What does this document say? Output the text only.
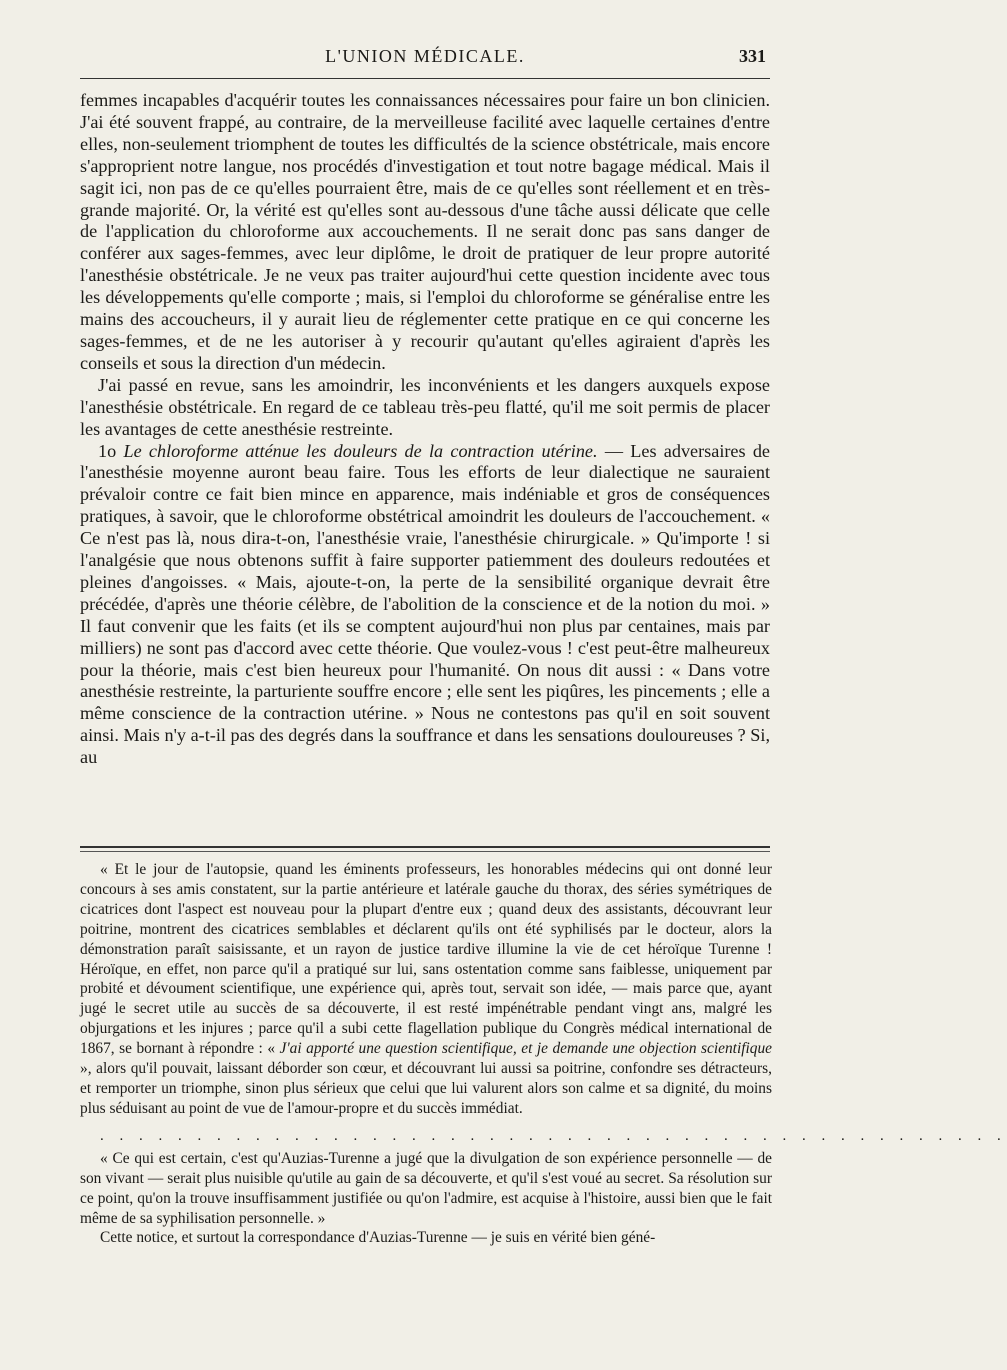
L'UNION MÉDICALE.	331

femmes incapables d'acquérir toutes les connaissances nécessaires pour faire un bon clinicien. J'ai été souvent frappé, au contraire, de la merveilleuse facilité avec laquelle certaines d'entre elles, non-seulement triomphent de toutes les difficultés de la science obstétricale, mais encore s'approprient notre langue, nos procédés d'investigation et tout notre bagage médical. Mais il sagit ici, non pas de ce qu'elles pourraient être, mais de ce qu'elles sont réellement et en très-grande majorité. Or, la vérité est qu'elles sont au-dessous d'une tâche aussi délicate que celle de l'application du chloroforme aux accouchements. Il ne serait donc pas sans danger de conférer aux sages-femmes, avec leur diplôme, le droit de pratiquer de leur propre autorité l'anesthésie obstétricale. Je ne veux pas traiter aujourd'hui cette question incidente avec tous les développements qu'elle comporte ; mais, si l'emploi du chloroforme se généralise entre les mains des accoucheurs, il y aurait lieu de réglementer cette pratique en ce qui concerne les sages-femmes, et de ne les autoriser à y recourir qu'autant qu'elles agiraient d'après les conseils et sous la direction d'un médecin.

J'ai passé en revue, sans les amoindrir, les inconvénients et les dangers auxquels expose l'anesthésie obstétricale. En regard de ce tableau très-peu flatté, qu'il me soit permis de placer les avantages de cette anesthésie restreinte.

1o Le chloroforme atténue les douleurs de la contraction utérine. — Les adversaires de l'anesthésie moyenne auront beau faire. Tous les efforts de leur dialectique ne sauraient prévaloir contre ce fait bien mince en apparence, mais indéniable et gros de conséquences pratiques, à savoir, que le chloroforme obstétrical amoindrit les douleurs de l'accouchement. « Ce n'est pas là, nous dira-t-on, l'anesthésie vraie, l'anesthésie chirurgicale. » Qu'importe ! si l'analgésie que nous obtenons suffit à faire supporter patiemment des douleurs redoutées et pleines d'angoisses. « Mais, ajoute-t-on, la perte de la sensibilité organique devrait être précédée, d'après une théorie célèbre, de l'abolition de la conscience et de la notion du moi. » Il faut convenir que les faits (et ils se comptent aujourd'hui non plus par centaines, mais par milliers) ne sont pas d'accord avec cette théorie. Que voulez-vous ! c'est peut-être malheureux pour la théorie, mais c'est bien heureux pour l'humanité. On nous dit aussi : « Dans votre anesthésie restreinte, la parturiente souffre encore ; elle sent les piqûres, les pincements ; elle a même conscience de la contraction utérine. » Nous ne contestons pas qu'il en soit souvent ainsi. Mais n'y a-t-il pas des degrés dans la souffrance et dans les sensations douloureuses ? Si, au

« Et le jour de l'autopsie, quand les éminents professeurs, les honorables médecins qui ont donné leur concours à ses amis constatent, sur la partie antérieure et latérale gauche du thorax, des séries symétriques de cicatrices dont l'aspect est nouveau pour la plupart d'entre eux ; quand deux des assistants, découvrant leur poitrine, montrent des cicatrices semblables et déclarent qu'ils ont été syphilisés par le docteur, alors la démonstration paraît saisissante, et un rayon de justice tardive illumine la vie de cet héroïque Turenne ! Héroïque, en effet, non parce qu'il a pratiqué sur lui, sans ostentation comme sans faiblesse, uniquement par probité et dévoument scientifique, une expérience qui, après tout, servait son idée, — mais parce que, ayant jugé le secret utile au succès de sa découverte, il est resté impénétrable pendant vingt ans, malgré les objurgations et les injures ; parce qu'il a subi cette flagellation publique du Congrès médical international de 1867, se bornant à répondre : « J'ai apporté une question scientifique, et je demande une objection scientifique », alors qu'il pouvait, laissant déborder son cœur, et découvrant lui aussi sa poitrine, confondre ses détracteurs, et remporter un triomphe, sinon plus sérieux que celui que lui valurent alors son calme et sa dignité, du moins plus séduisant au point de vue de l'amour-propre et du succès immédiat.

. . . . . . . . . . . . . . . . . . . . . . . . . . . . . . . . . . . . . . . . . . . . . . .

« Ce qui est certain, c'est qu'Auzias-Turenne a jugé que la divulgation de son expérience personnelle — de son vivant — serait plus nuisible qu'utile au gain de sa découverte, et qu'il s'est voué au secret. Sa résolution sur ce point, qu'on la trouve insuffisamment justifiée ou qu'on l'admire, est acquise à l'histoire, aussi bien que le fait même de sa syphilisation personnelle. »

Cette notice, et surtout la correspondance d'Auzias-Turenne — je suis en vérité bien géné-
